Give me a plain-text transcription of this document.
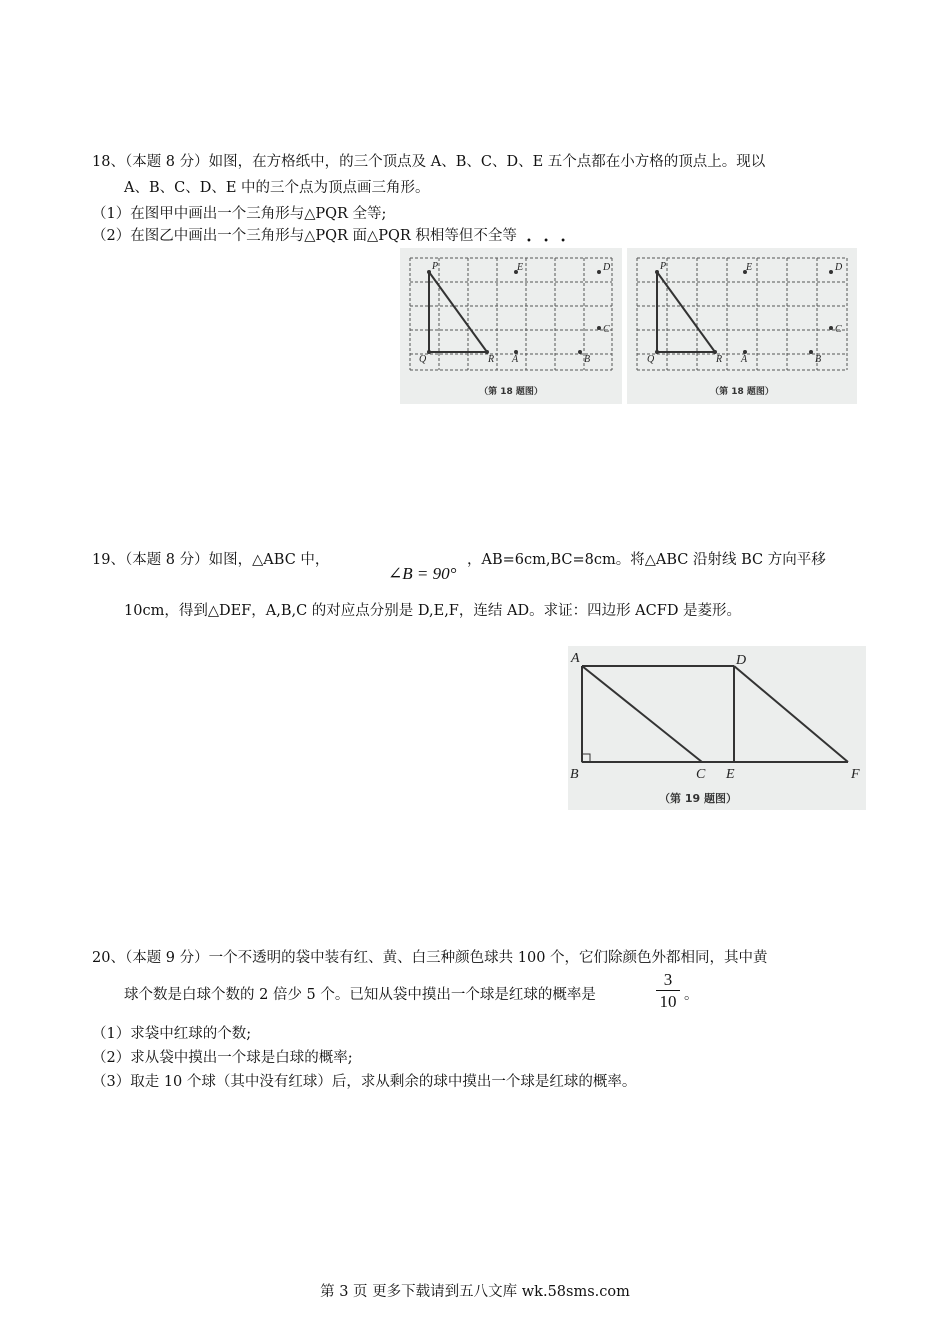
18、（本题 8 分）如图，在方格纸中，的三个顶点及 A、B、C、D、E 五个点都在小方格的顶点上。现以
A、B、C、D、E 中的三个点为顶点画三角形。
（1）在图甲中画出一个三角形与△PQR 全等;
（2）在图乙中画出一个三角形与△PQR 面△PQR 积相等但不全等 • • •
P
Q	R A	B
C
D
E
（第 18 题图）
P
Q	R A	B
C
D
E
（第 18 题图）
19、（本题 8 分）如图，△ABC 中，
∠B = 90°
，AB=6cm,BC=8cm。将△ABC 沿射线 BC 方向平移
10cm，得到△DEF，A,B,C 的对应点分别是 D,E,F，连结 AD。求证：四边形 ACFD 是菱形。
A
B	C
D
E	F
（第 19 题图）
20、（本题 9 分）一个不透明的袋中装有红、黄、白三种颜色球共 100 个，它们除颜色外都相同，其中黄
球个数是白球个数的 2 倍少 5 个。已知从袋中摸出一个球是红球的概率是
3
10 。
（1）求袋中红球的个数;
（2）求从袋中摸出一个球是白球的概率;
（3）取走 10 个球（其中没有红球）后，求从剩余的球中摸出一个球是红球的概率。
第 3 页 更多下载请到五八文库 wk.58sms.com
